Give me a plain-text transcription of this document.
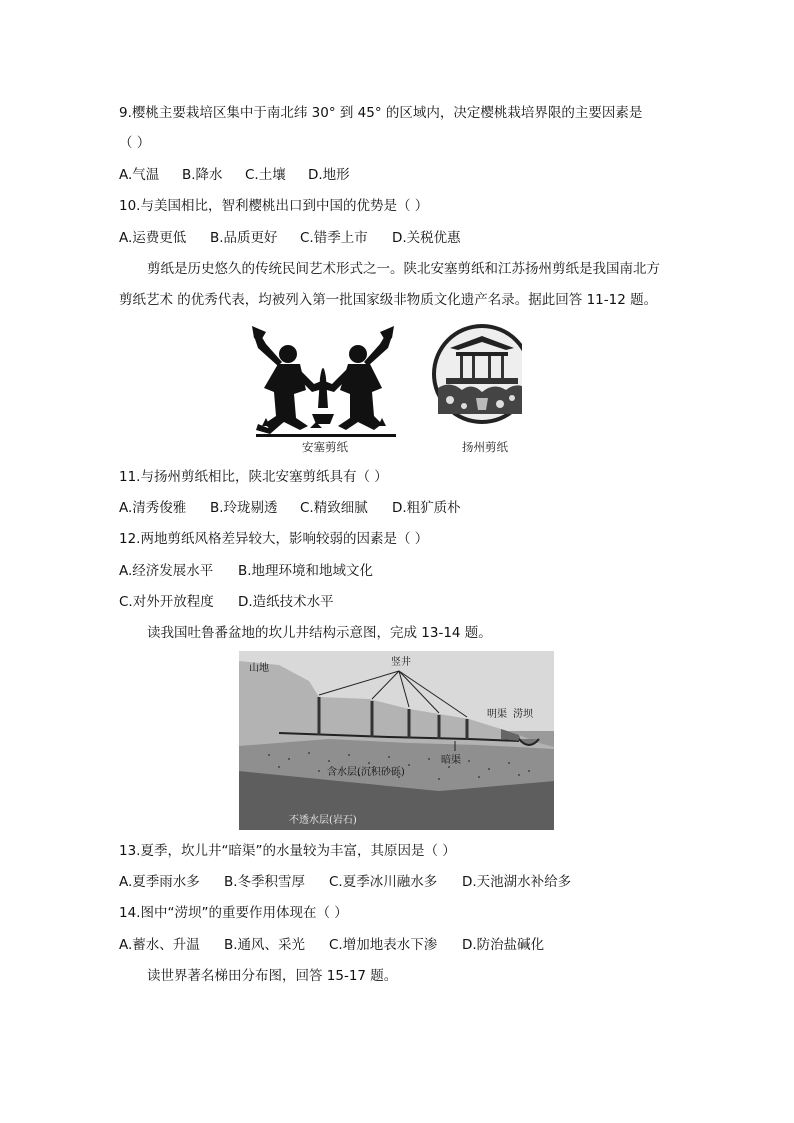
9.樱桃主要栽培区集中于南北纬 30° 到 45° 的区域内，决定樱桃栽培界限的主要因素是
（ ）
A.气温 B.降水 C.土壤 D.地形
10.与美国相比，智利樱桃出口到中国的优势是（ ）
A.运费更低 B.品质更好 C.错季上市 D.关税优惠
剪纸是历史悠久的传统民间艺术形式之一。陕北安塞剪纸和江苏扬州剪纸是我国南北方
剪纸艺术 的优秀代表，均被列入第一批国家级非物质文化遗产名录。据此回答 11-12 题。
安塞剪纸	扬州剪纸
11.与扬州剪纸相比，陕北安塞剪纸具有（ ）
A.清秀俊雅 B.玲珑剔透 C.精致细腻 D.粗犷质朴
12.两地剪纸风格差异较大，影响较弱的因素是（ ）
A.经济发展水平 B.地理环境和地域文化
C.对外开放程度 D.造纸技术水平
读我国吐鲁番盆地的坎儿井结构示意图，完成 13-14 题。
山地
竖井
明渠 涝坝
暗渠
含水层(沉积砂砾)
不透水层(岩石)
13.夏季，坎儿井“暗渠”的水量较为丰富，其原因是（ ）
A.夏季雨水多 B.冬季积雪厚 C.夏季冰川融水多 D.天池湖水补给多
14.图中“涝坝”的重要作用体现在（ ）
A.蓄水、升温 B.通风、采光 C.增加地表水下渗 D.防治盐碱化
读世界著名梯田分布图，回答 15-17 题。
